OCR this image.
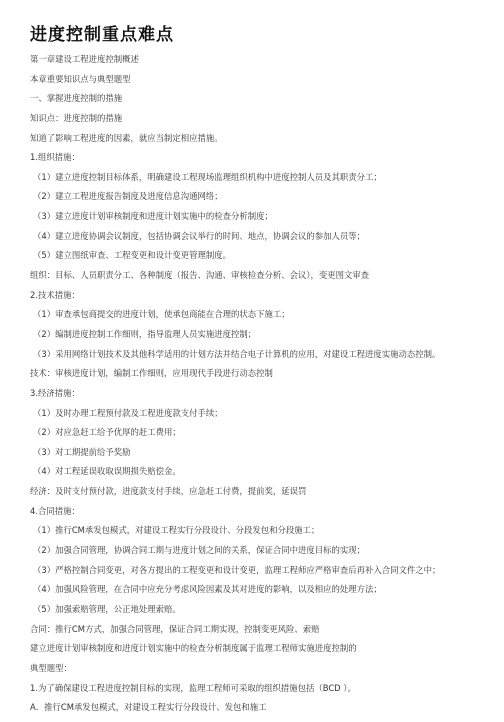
进度控制重点难点
第一章建设工程进度控制概述
本章重要知识点与典型题型
一、掌握进度控制的措施
知识点：进度控制的措施
知道了影响工程进度的因素，就应当制定相应措施。
1.组织措施：
（1）建立进度控制目标体系，明确建设工程现场监理组织机构中进度控制人员及其职责分工；
（2）建立工程进度报告制度及进度信息沟通网络；
（3）建立进度计划审核制度和进度计划实施中的检查分析制度；
（4）建立进度协调会议制度，包括协调会议举行的时间、地点，协调会议的参加人员等；
（5）建立图纸审查、工程变更和设计变更管理制度。
组织：目标、人员职责分工、各种制度（报告、沟通、审核检查分析、会议），变更图文审查
2.技术措施：
（1）审查承包商提交的进度计划，使承包商能在合理的状态下施工；
（2）编制进度控制工作细则，指导监理人员实施进度控制；
（3）采用网络计划技术及其他科学适用的计划方法并结合电子计算机的应用，对建设工程进度实施动态控制。
技术：审核进度计划，编制工作细则，应用现代手段进行动态控制
3.经济措施：
（1）及时办理工程预付款及工程进度款支付手续；
（2）对应急赶工给予优厚的赶工费用；
（3）对工期提前给予奖励
（4）对工程延误收取误期损失赔偿金。
经济：及时支付预付款，进度款支付手续，应急赶工付费，提前奖，延误罚
4.合同措施：
（1）推行CM承发包模式，对建设工程实行分段设计、分段发包和分段施工；
（2）加强合同管理，协调合同工期与进度计划之间的关系，保证合同中进度目标的实现；
（3）严格控制合同变更，对各方提出的工程变更和设计变更，监理工程师应严格审查后再补入合同文件之中；
（4）加强风险管理，在合同中应充分考虑风险因素及其对进度的影响，以及相应的处理方法；
（5）加强索赔管理，公正地处理索赔。
合同：推行CM方式，加强合同管理，保证合同工期实现，控制变更风险、索赔
建立进度计划审核制度和进度计划实施中的检查分析制度属于监理工程师实施进度控制的
典型题型：
1.为了确保建设工程进度控制目标的实现，监理工程师可采取的组织措施包括（BCD ）。
A．推行CM承发包模式，对建设工程实行分段设计、发包和施工
